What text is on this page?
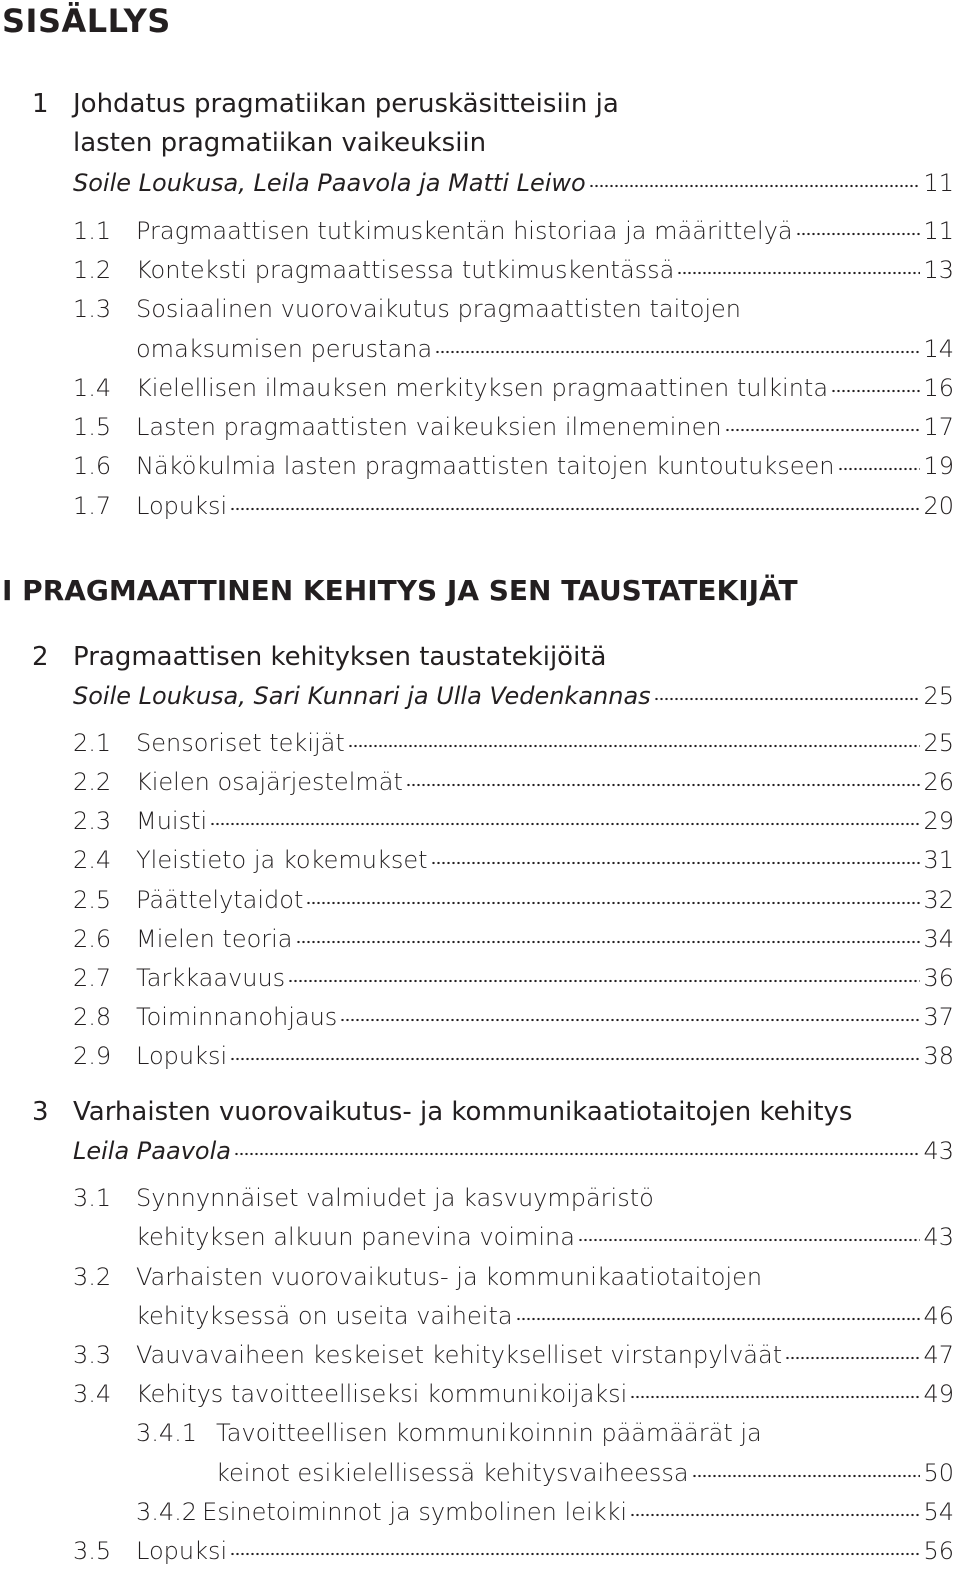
SISÄLLYS
1 Johdatus pragmatiikan peruskäsitteisiin ja
lasten pragmatiikan vaikeuksiin
Soile Loukusa, Leila Paavola ja Matti Leiwo	11
1.1	Pragmaattisen tutkimuskentän historiaa ja määrittelyä	11
1.2	Konteksti pragmaattisessa tutkimuskentässä	13
1.3 Sosiaalinen vuorovaikutus pragmaattisten taitojen
omaksumisen perustana	14
1.4	Kielellisen ilmauksen merkityksen pragmaattinen tulkinta	16
1.5	Lasten pragmaattisten vaikeuksien ilmeneminen	17
1.6	Näkökulmia lasten pragmaattisten taitojen kuntoutukseen	19
1.7	Lopuksi	20
I PRAGMAATTINEN KEHITYS JA SEN TAUSTATEKIJÄT
2 Pragmaattisen kehityksen taustatekijöitä
Soile Loukusa, Sari Kunnari ja Ulla Vedenkannas	25
2.1	Sensoriset tekijät	25
2.2	Kielen osajärjestelmät	26
2.3	Muisti	29
2.4	Yleistieto ja kokemukset	31
2.5	Päättelytaidot	32
2.6	Mielen teoria	34
2.7	Tarkkaavuus	36
2.8	Toiminnanohjaus	37
2.9	Lopuksi	38
3 Varhaisten vuorovaikutus- ja kommunikaatiotaitojen kehitys
Leila Paavola	43
3.1 Synnynnäiset valmiudet ja kasvuympäristö
kehityksen alkuun panevina voimina	43
3.2 Varhaisten vuorovaikutus- ja kommunikaatiotaitojen
kehityksessä on useita vaiheita	46
3.3	Vauvavaiheen keskeiset kehitykselliset virstanpylväät	47
3.4	Kehitys tavoitteelliseksi kommunikoijaksi	49
3.4.1 Tavoitteellisen kommunikoinnin päämäärät ja
keinot esikielellisessä kehitysvaiheessa	50
3.4.2 Esinetoiminnot ja symbolinen leikki	54
3.5	Lopuksi	56
